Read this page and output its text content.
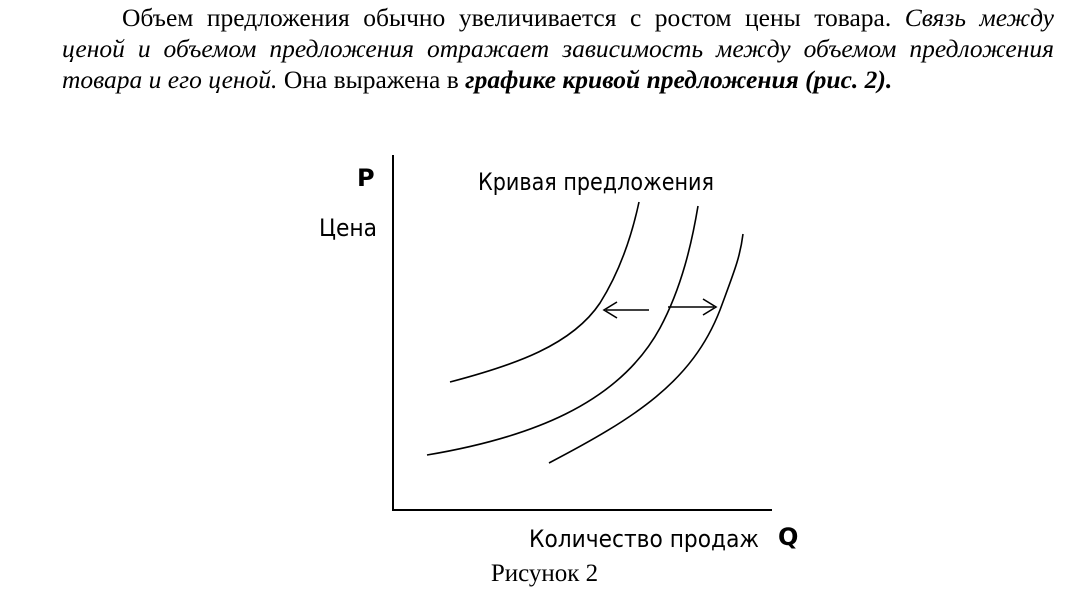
Объем предложения обычно увеличивается с ростом цены товара. Связь между ценой и объемом предложения отражает зависимость между объемом предложения товара и его ценой. Она выражена в графике кривой предложения (рис. 2).

P
Цена
Кривая предложения
Количество продаж Q

Рисунок 2
